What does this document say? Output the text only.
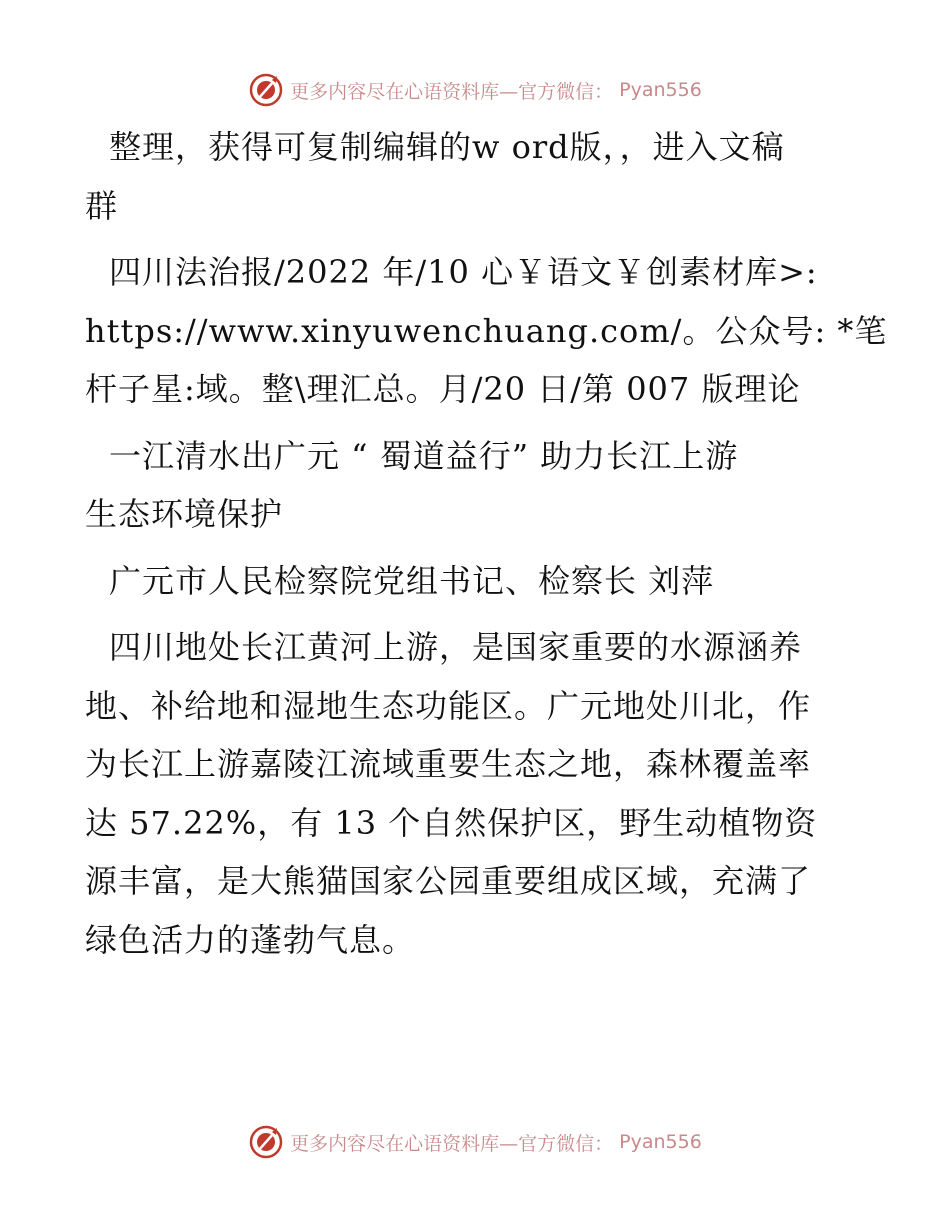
更多内容尽在心语资料库—官方微信： Pyan556

整理，获得可复制编辑的w ord版，，进入文稿
群

四川法治报/2022 年/10 心￥语文￥创素材库>:
https://www.xinyuwenchuang.com/。公众号: *笔
杆子星:域。整\理汇总。月/20 日/第 007 版理论

一江清水出广元 “ 蜀道益行” 助力长江上游
生态环境保护

广元市人民检察院党组书记、检察长 刘萍

四川地处长江黄河上游，是国家重要的水源涵养
地、补给地和湿地生态功能区。广元地处川北，作
为长江上游嘉陵江流域重要生态之地，森林覆盖率
达 57.22%，有 13 个自然保护区，野生动植物资
源丰富，是大熊猫国家公园重要组成区域，充满了
绿色活力的蓬勃气息。

更多内容尽在心语资料库—官方微信： Pyan556
